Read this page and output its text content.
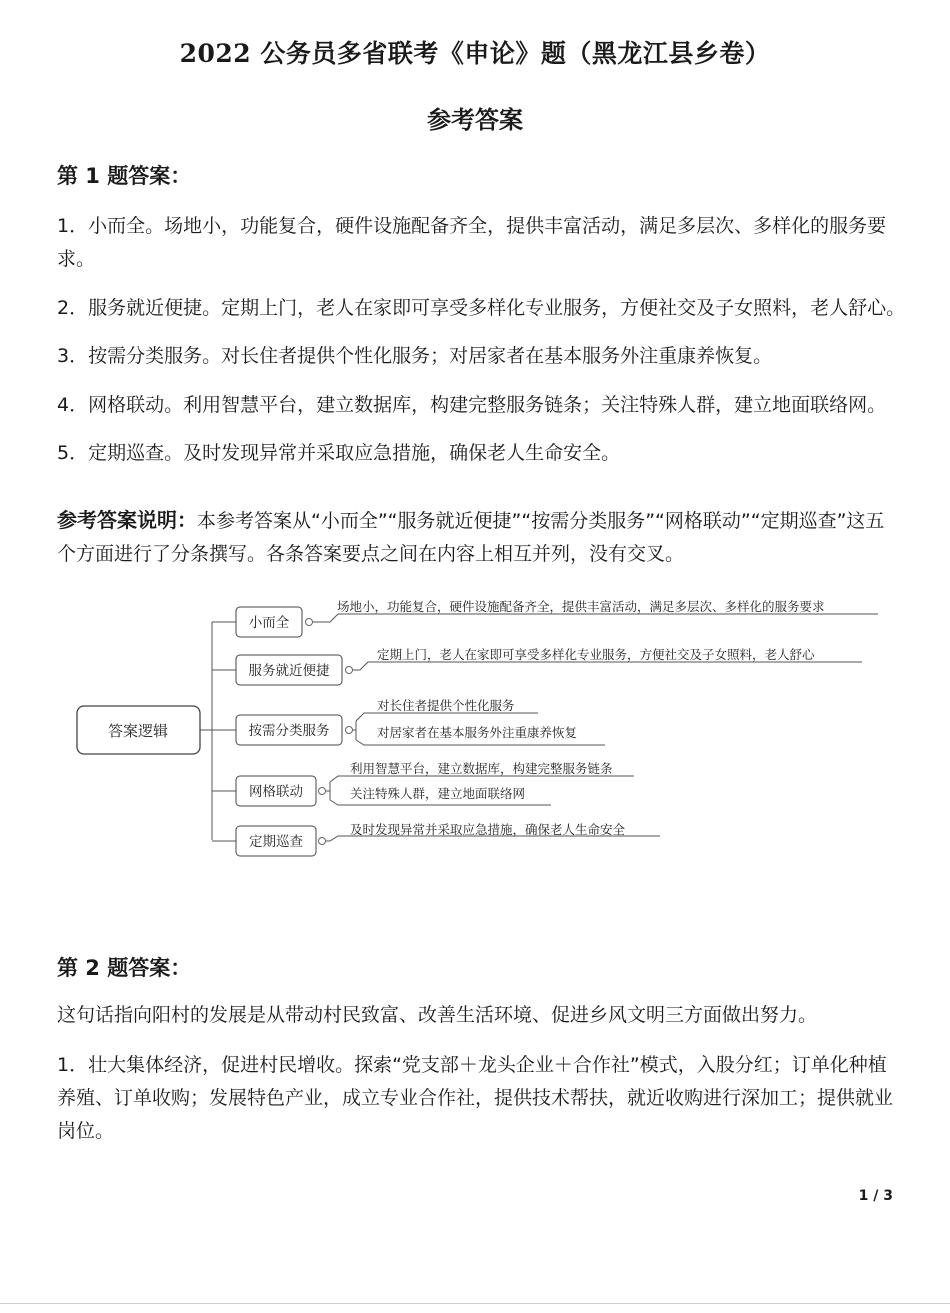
2022 公务员多省联考《申论》题（黑龙江县乡卷）
参考答案
第 1 题答案：
1．小而全。场地小，功能复合，硬件设施配备齐全，提供丰富活动，满足多层次、多样化的服务要求。
2．服务就近便捷。定期上门，老人在家即可享受多样化专业服务，方便社交及子女照料，老人舒心。
3．按需分类服务。对长住者提供个性化服务；对居家者在基本服务外注重康养恢复。
4．网格联动。利用智慧平台，建立数据库，构建完整服务链条；关注特殊人群，建立地面联络网。
5．定期巡查。及时发现异常并采取应急措施，确保老人生命安全。
参考答案说明：本参考答案从“小而全”“服务就近便捷”“按需分类服务”“网格联动”“定期巡查”这五个方面进行了分条撰写。各条答案要点之间在内容上相互并列，没有交叉。
答案逻辑
小而全
服务就近便捷
按需分类服务
网格联动
定期巡查
场地小，功能复合，硬件设施配备齐全，提供丰富活动，满足多层次、多样化的服务要求
定期上门，老人在家即可享受多样化专业服务，方便社交及子女照料，老人舒心
对长住者提供个性化服务
对居家者在基本服务外注重康养恢复
利用智慧平台，建立数据库，构建完整服务链条
关注特殊人群，建立地面联络网
及时发现异常并采取应急措施，确保老人生命安全
第 2 题答案：
这句话指向阳村的发展是从带动村民致富、改善生活环境、促进乡风文明三方面做出努力。
1．壮大集体经济，促进村民增收。探索“党支部＋龙头企业＋合作社”模式，入股分红；订单化种植养殖、订单收购；发展特色产业，成立专业合作社，提供技术帮扶，就近收购进行深加工；提供就业岗位。
1 / 3
